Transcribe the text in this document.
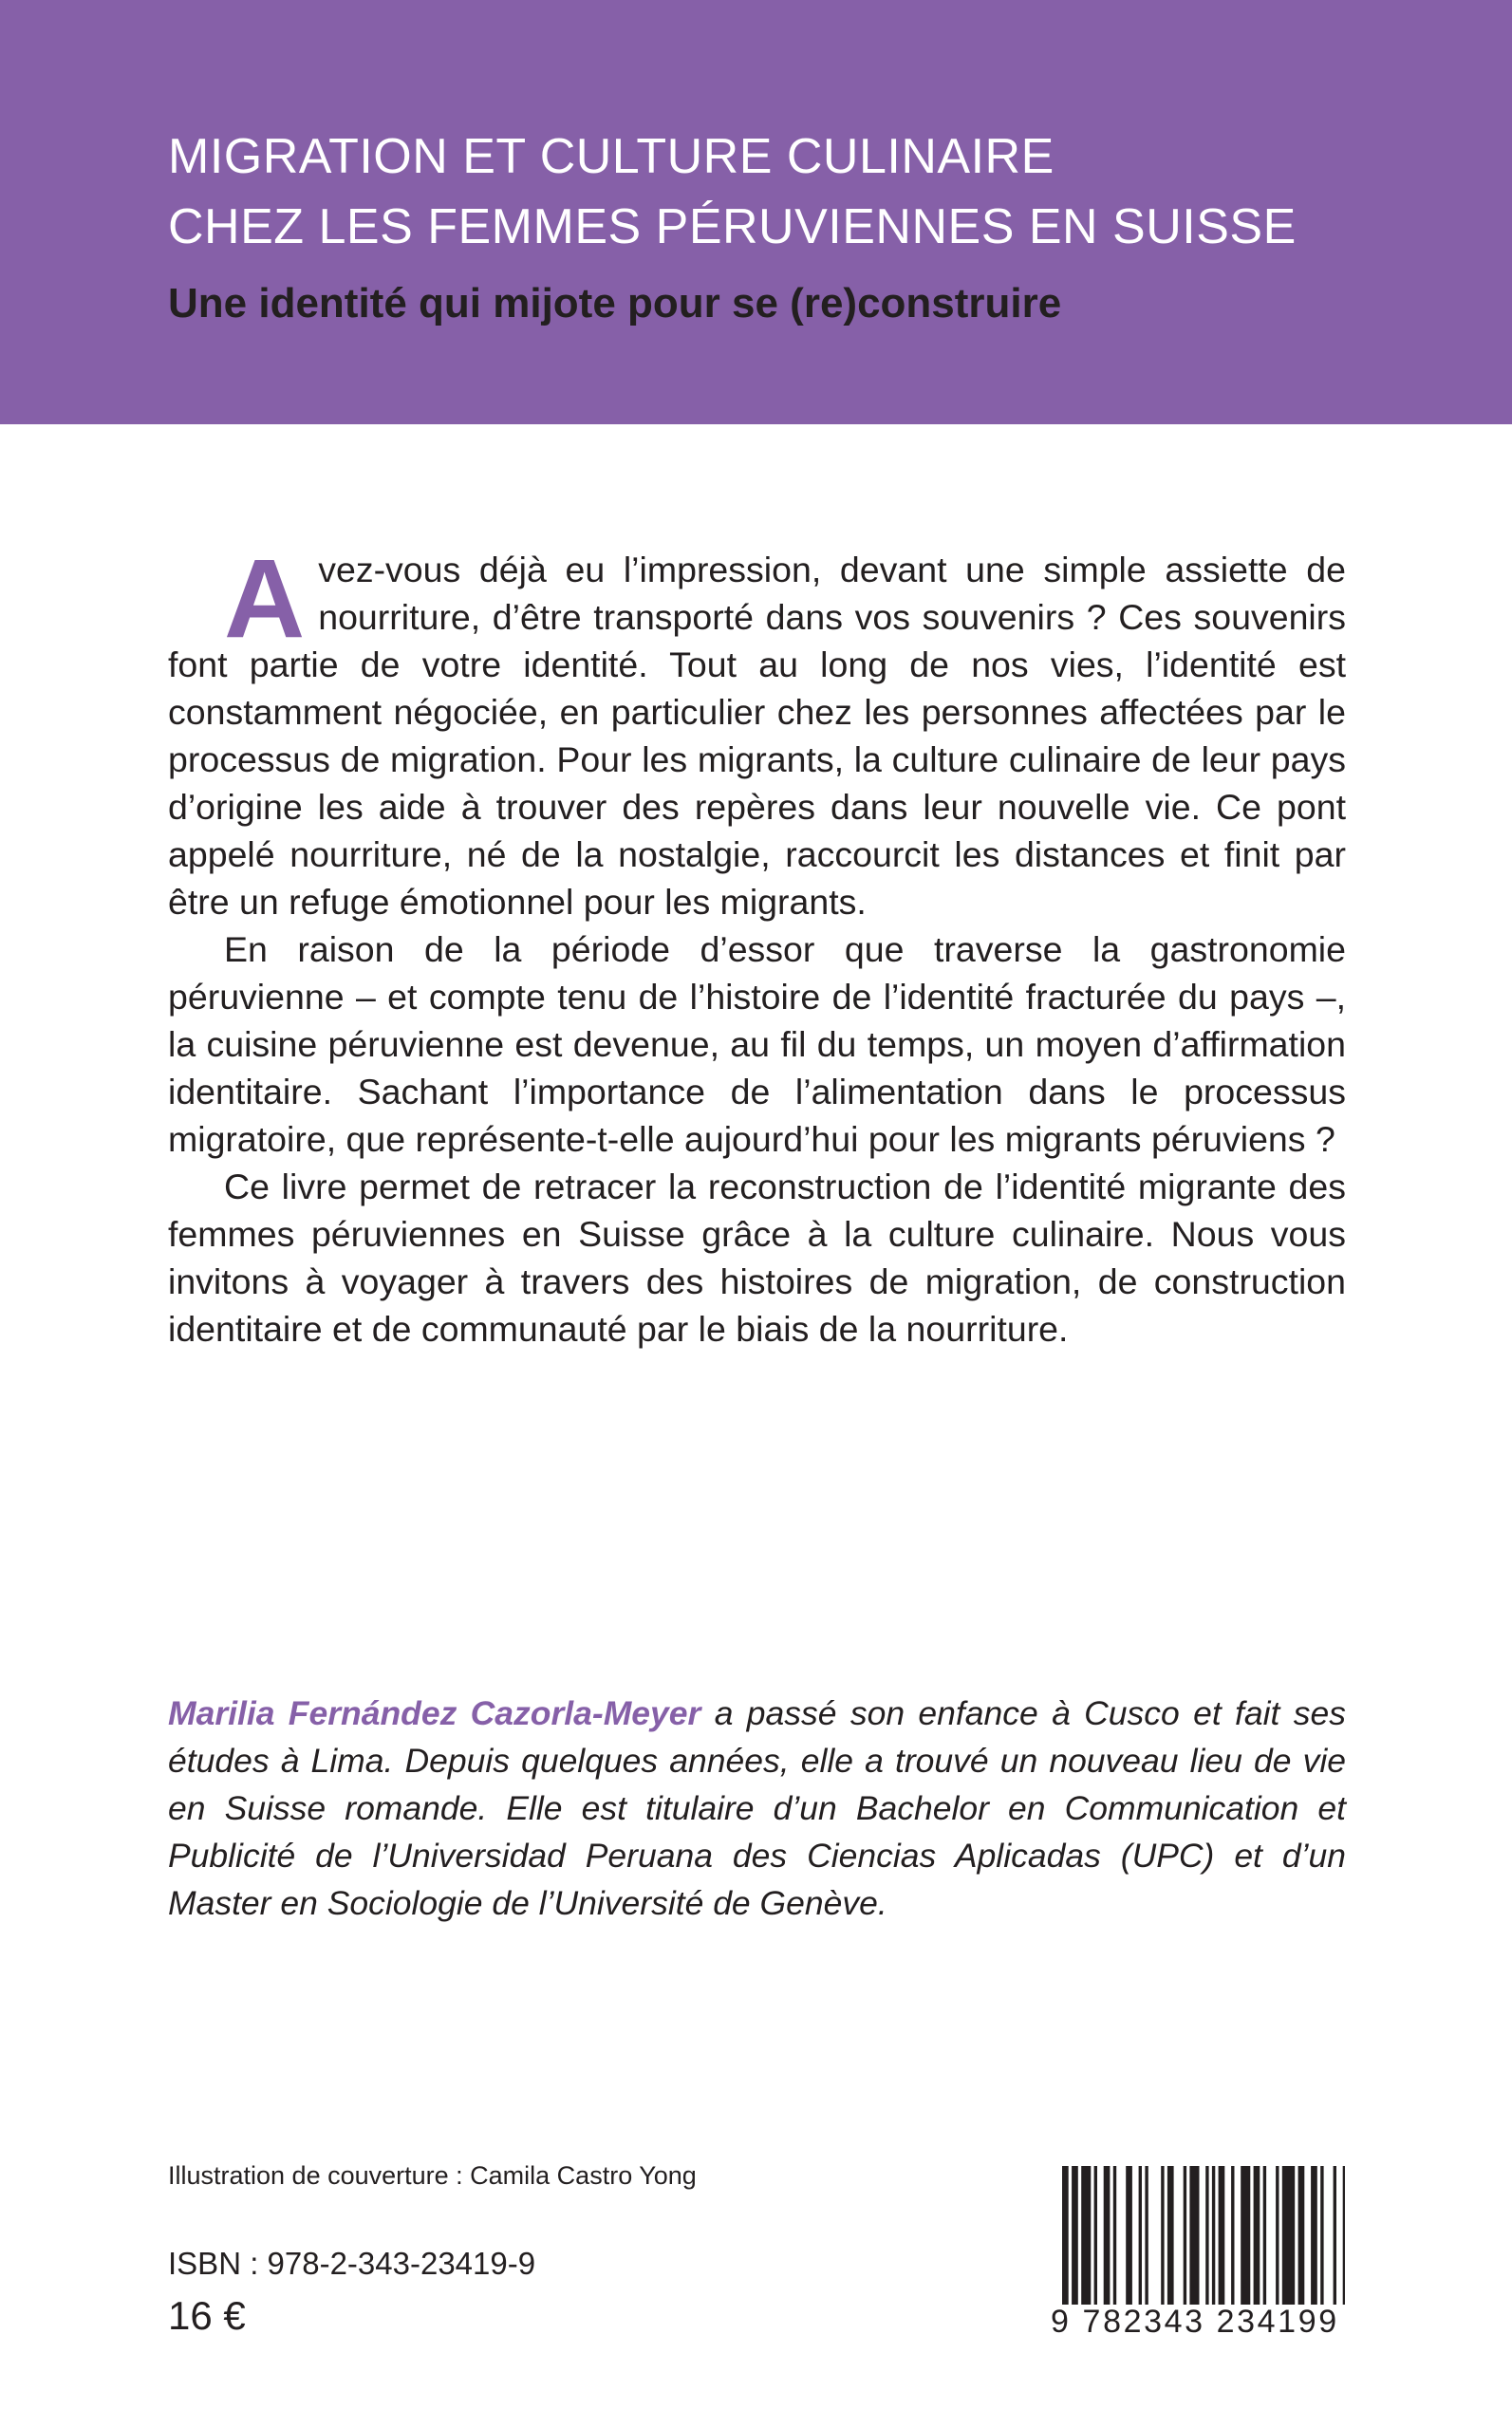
MIGRATION ET CULTURE CULINAIRE
CHEZ LES FEMMES PÉRUVIENNES EN SUISSE
Une identité qui mijote pour se (re)construire

Avez-vous déjà eu l’impression, devant une simple assiette de nourriture, d’être transporté dans vos souvenirs ? Ces souvenirs font partie de votre identité. Tout au long de nos vies, l’identité est constamment négociée, en particulier chez les personnes affectées par le processus de migration. Pour les migrants, la culture culinaire de leur pays d’origine les aide à trouver des repères dans leur nouvelle vie. Ce pont appelé nourriture, né de la nostalgie, raccourcit les distances et finit par être un refuge émotionnel pour les migrants.

En raison de la période d’essor que traverse la gastronomie péruvienne – et compte tenu de l’histoire de l’identité fracturée du pays –, la cuisine péruvienne est devenue, au fil du temps, un moyen d’affirmation identitaire. Sachant l’importance de l’alimentation dans le processus migratoire, que représente-t-elle aujourd’hui pour les migrants péruviens ?

Ce livre permet de retracer la reconstruction de l’identité migrante des femmes péruviennes en Suisse grâce à la culture culinaire. Nous vous invitons à voyager à travers des histoires de migration, de construction identitaire et de communauté par le biais de la nourriture.

Marilia Fernández Cazorla-Meyer a passé son enfance à Cusco et fait ses études à Lima. Depuis quelques années, elle a trouvé un nouveau lieu de vie en Suisse romande. Elle est titulaire d’un Bachelor en Communication et Publicité de l’Universidad Peruana des Ciencias Aplicadas (UPC) et d’un Master en Sociologie de l’Université de Genève.

Illustration de couverture : Camila Castro Yong

ISBN : 978-2-343-23419-9

16 €	9 782343 234199
